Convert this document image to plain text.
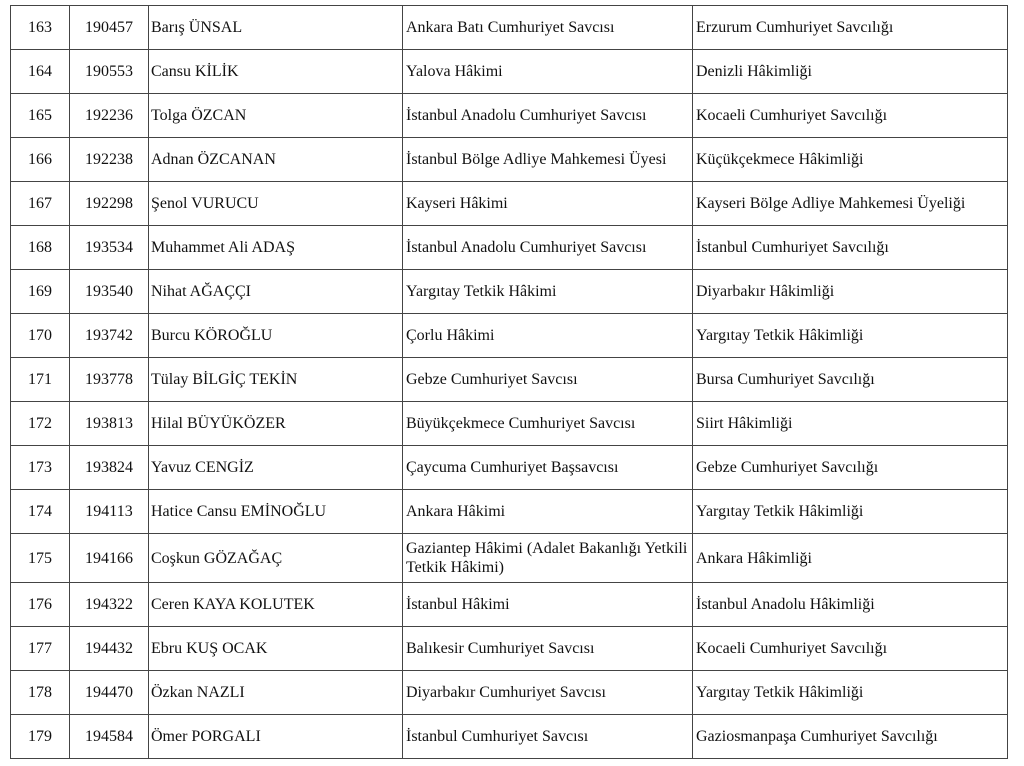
163	190457	Barış ÜNSAL	Ankara Batı Cumhuriyet Savcısı	Erzurum Cumhuriyet Savcılığı
164	190553	Cansu KİLİK	Yalova Hâkimi	Denizli Hâkimliği
165	192236	Tolga ÖZCAN	İstanbul Anadolu Cumhuriyet Savcısı	Kocaeli Cumhuriyet Savcılığı
166	192238	Adnan ÖZCANAN	İstanbul Bölge Adliye Mahkemesi Üyesi	Küçükçekmece Hâkimliği
167	192298	Şenol VURUCU	Kayseri Hâkimi	Kayseri Bölge Adliye Mahkemesi Üyeliği
168	193534	Muhammet Ali ADAŞ	İstanbul Anadolu Cumhuriyet Savcısı	İstanbul Cumhuriyet Savcılığı
169	193540	Nihat AĞAÇÇI	Yargıtay Tetkik Hâkimi	Diyarbakır Hâkimliği
170	193742	Burcu KÖROĞLU	Çorlu Hâkimi	Yargıtay Tetkik Hâkimliği
171	193778	Tülay BİLGİÇ TEKİN	Gebze Cumhuriyet Savcısı	Bursa Cumhuriyet Savcılığı
172	193813	Hilal BÜYÜKÖZER	Büyükçekmece Cumhuriyet Savcısı	Siirt Hâkimliği
173	193824	Yavuz CENGİZ	Çaycuma Cumhuriyet Başsavcısı	Gebze Cumhuriyet Savcılığı
174	194113	Hatice Cansu EMİNOĞLU	Ankara Hâkimi	Yargıtay Tetkik Hâkimliği
175	194166	Coşkun GÖZAĞAÇ	Gaziantep Hâkimi (Adalet Bakanlığı Yetkili Tetkik Hâkimi)	Ankara Hâkimliği
176	194322	Ceren KAYA KOLUTEK	İstanbul Hâkimi	İstanbul Anadolu Hâkimliği
177	194432	Ebru KUŞ OCAK	Balıkesir Cumhuriyet Savcısı	Kocaeli Cumhuriyet Savcılığı
178	194470	Özkan NAZLI	Diyarbakır Cumhuriyet Savcısı	Yargıtay Tetkik Hâkimliği
179	194584	Ömer PORGALI	İstanbul Cumhuriyet Savcısı	Gaziosmanpaşa Cumhuriyet Savcılığı
